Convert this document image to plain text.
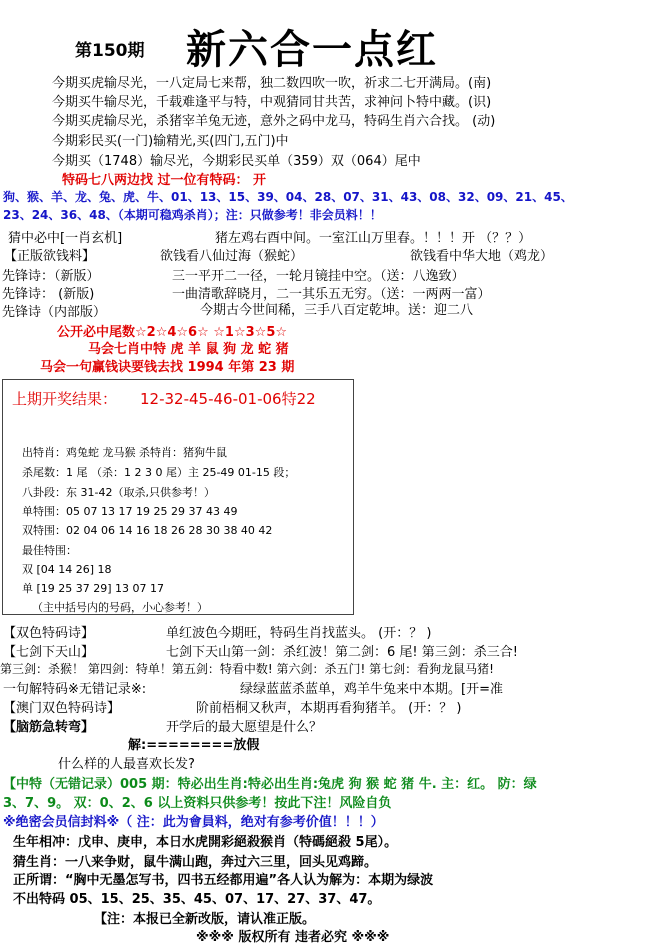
第150期 新六合一点红
今期买虎输尽光，一八定局七来帮，独二数四吹一吹，祈求二七开满局。(南)
今期买牛输尽光，千载难逢平与特，中观猜同甘共苦，求神问卜特中藏。(识)
今期买虎输尽光，杀猪宰羊兔无迹，意外之码中龙马，特码生肖六合找。 (动)
今期彩民买(一门)输精光,买(四门,五门)中
今期买（1748）输尽光，今期彩民买单（359）双（064）尾中
特码七八两边找 过一位有特码： 开
狗、猴、羊、龙、兔、虎、牛、01、13、15、39、04、28、07、31、43、08、32、09、21、45、
23、24、36、48、（本期可稳鸡杀肖）；注：只做参考！非会员料！！
猜中必中[一肖玄机]	猪左鸡右酉中间。一室江山万里春。！！！开 （？？）
【正版欲钱料】	欲钱看八仙过海（猴蛇）	欲钱看中华大地（鸡龙）
先锋诗：（新版）	三一平开二一径，一轮月镜挂中空。（送：八逸致）
先锋诗： (新版)	一曲清歌辞晓月，二一其乐五无穷。（送：一两两一富）
先锋诗（内部版）	今期古今世间稀，三手八百定乾坤。送：迎二八
公开必中尾数☆2☆4☆6☆ ☆1☆3☆5☆
马会七肖中特 虎 羊 鼠 狗 龙 蛇 猪
马会一句赢钱诀要钱去找 1994 年第 23 期
上期开奖结果： 12-32-45-46-01-06特22
出特肖：鸡兔蛇 龙马猴 杀特肖：猪狗牛鼠
杀尾数：1 尾 （杀：1 2 3 0 尾）主 25-49 01-15 段；
八卦段：东 31-42（取杀,只供参考！）
单特围：05 07 13 17 19 25 29 37 43 49
双特围：02 04 06 14 16 18 26 28 30 38 40 42
最佳特围：
双 [04 14 26] 18
单 [19 25 37 29] 13 07 17
（主中括号内的号码，小心参考！）
【双色特码诗】	单红波色今期旺，特码生肖找蓝头。 (开：？ )
【七剑下天山】	七剑下天山第一剑：杀红波！第二剑：6 尾! 第三剑：杀三合!
第三剑：杀猴！ 第四剑：特单！第五剑：特看中数! 第六剑：杀五门! 第七剑：看狗龙鼠马猪!
一句解特码※无错记录※:	绿绿蓝蓝杀蓝单，鸡羊牛兔来中本期。[开=准
【澳门双色特码诗】	阶前梧桐又秋声，本期再看狗猪羊。 (开：？ )
【脑筋急转弯】	开学后的最大愿望是什么？
解:========放假
什么样的人最喜欢长发?
【中特（无错记录）005 期：特必出生肖:特必出生肖:兔虎 狗 猴 蛇 猪 牛. 主：红。 防：绿
3、7、9。 双：0、2、6 以上资料只供参考！按此下注！风险自负
※绝密会员信封料※（ 注：此为會員料，绝对有参考价值！！！）
生年相冲：戊申、庚申，本日水虎開彩絕殺猴肖（特碼絕殺 5尾）。
猜生肖：一八来争财，鼠牛满山跑，奔过六三里，回头见鸡蹄。
正所谓：“胸中无墨怎写书，四书五经都用遍”各人认为解为：本期为绿波
不出特码 05、15、25、35、45、07、17、27、37、47。
【注：本报已全新改版，请认准正版。
※※※ 版权所有 违者必究 ※※※
